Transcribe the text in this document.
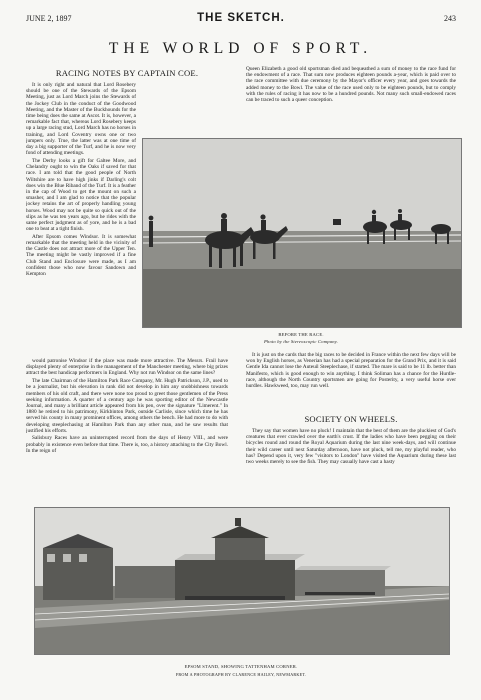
JUNE 2, 1897	THE SKETCH.	243
THE WORLD OF SPORT.
RACING NOTES BY CAPTAIN COE.

It is only right and natural that Lord Rosebery should be one of the Stewards of the Epsom Meeting, just as Lord March joins the Stewards of the Jockey Club in the conduct of the Goodwood Meeting, and the Master of the Buckhounds for the time being does the same at Ascot. It is, however, a remarkable fact that, whereas Lord Rosebery keeps up a large racing stud, Lord March has no horses in training, and Lord Coventry owns one or two jumpers only. True, the latter was at one time of day a big supporter of the Turf, and he is now very fond of attending meetings.

The Derby looks a gift for Galtee More, and Chelandry ought to win the Oaks if saved for that race. I am told that the good people of North Wiltshire are to have high jinks if Darling's colt does win the Blue Riband of the Turf. It is a feather in the cap of Wood to get the mount on such a smasher, and I am glad to notice that the popular jockey retains the art of properly handling young horses. Wood may not be quite so quick out of the slips as he was ten years ago, but he rides with the same perfect judgment as of yore, and he is a bad one to beat at a tight finish.

After Epsom comes Windsor. It is somewhat remarkable that the meeting held in the vicinity of the Castle does not attract more of the Upper Ten. The meeting might be vastly improved if a fine Club Stand and Enclosure were made, as I am confident those who now favour Sandown and Kempton

would patronise Windsor if the place was made more attractive. The Messrs. Frail have displayed plenty of enterprise in the management of the Manchester meeting, where big prizes attract the best handicap performers in England. Why not run Windsor on the same lines?

The late Chairman of the Hamilton Park Race Company, Mr. Hugh Patrickson, J.P., used to be a journalist, but his elevation in rank did not develop in him any snobbishness towards members of his old craft, and there were none too proud to greet those gentlemen of the Press seeking information. A quarter of a century ago he was sporting editor of the Newcastle Journal, and many a brilliant article appeared from his pen, over the signature "Limerent." In 1880 he retired to his patrimony, Kirkbinton Park, outside Carlisle, since which time he has served his county in many prominent offices, among others the bench. He had more to do with developing steeplechasing at Hamilton Park than any other man, and he saw results that justified his efforts.

Salisbury Races have an uninterrupted record from the days of Henry VIII., and were probably in existence even before that time. There is, too, a history attaching to the City Bowl. In the reign of

Queen Elizabeth a good old sportsman died and bequeathed a sum of money to the race fund for the endowment of a race. That sum now produces eighteen pounds a-year, which is paid over to the race committee with due ceremony by the Mayor's officer every year, and goes towards the added money to the Bowl. The value of the race used only to be eighteen pounds, but to comply with the rules of racing it has now to be a hundred pounds. Not many such small-endowed races can be traced to such a queer conception.

BEFORE THE RACE.
Photo by the Stereoscopic Company.

It is just on the cards that the big races to be decided in France within the next few days will be won by English horses, as Venerian has had a special preparation for the Grand Prix, and it is said Gentle Ida cannot lose the Auteuil Steeplechase, if started. The mare is said to be 11 lb. better than Manifesto, which is good enough to win anything. I think Soliman has a chance for the Hurdle-race, although the North Country sportsmen are going for Posterity, a very useful horse over hurdles. Hawkweed, too, may run well.

SOCIETY ON WHEELS.

They say that women have no pluck! I maintain that the best of them are the pluckiest of God's creatures that ever crawled over the earth's crust. If the ladies who have been pegging on their bicycles round and round the Royal Aquarium during the last nine week-days, and will continue their wild career until next Saturday afternoon, have not pluck, tell me, my playful reader, who has? Depend upon it, very few "visitors to London" have visited the Aquarium during these last two weeks merely to see the fish. They may casually have cast a hasty

EPSOM STAND, SHOWING TATTENHAM CORNER.
FROM A PHOTOGRAPH BY CLARENCE HAILEY, NEWMARKET.
